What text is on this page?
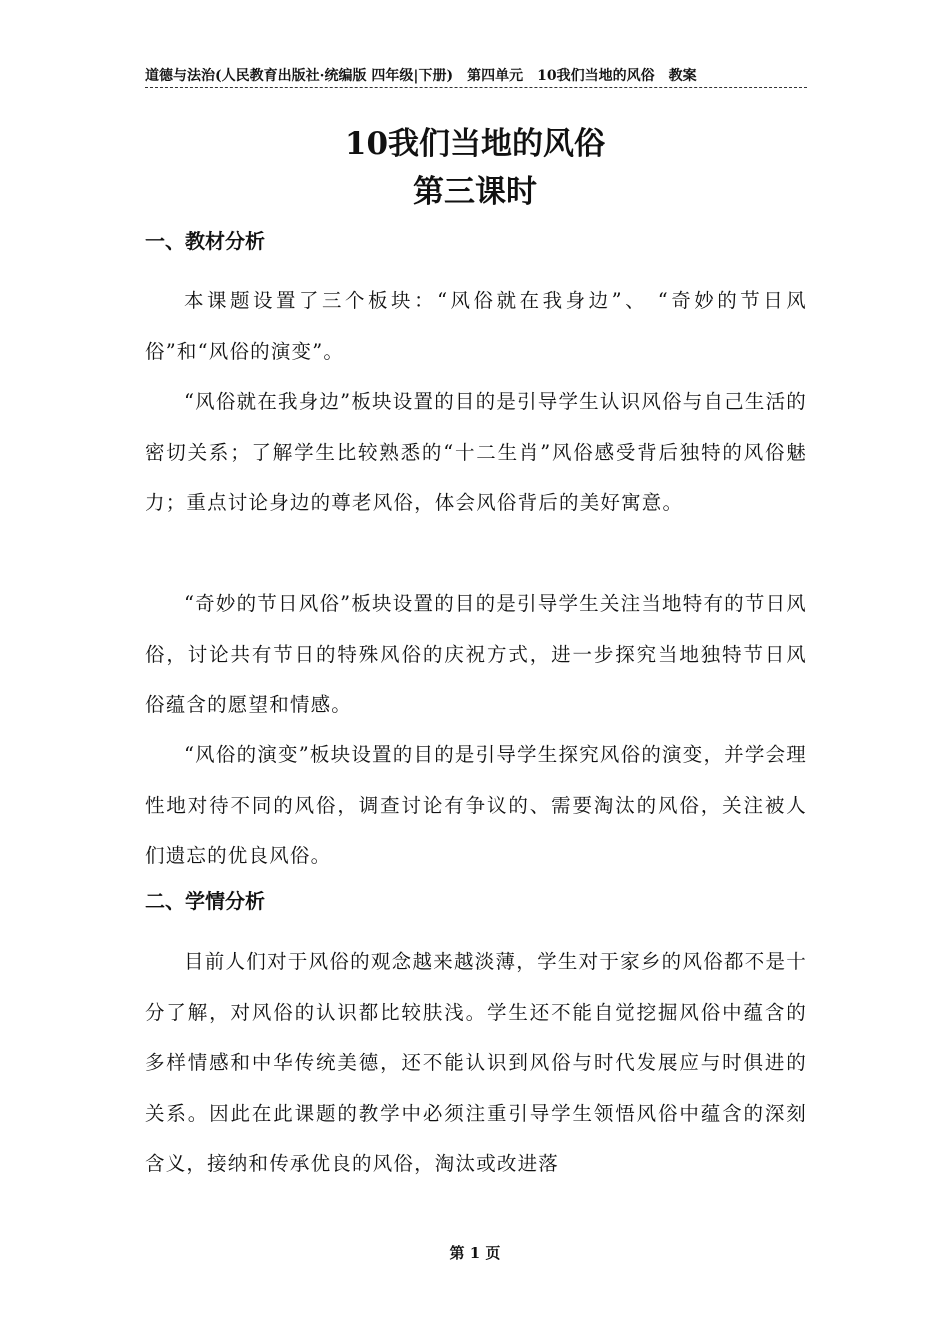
道德与法治(人民教育出版社·统编版 四年级|下册)　第四单元　10我们当地的风俗　教案
10我们当地的风俗
第三课时
一、教材分析

本课题设置了三个板块：“风俗就在我身边”、 “奇妙的节日风俗”和“风俗的演变”。

“风俗就在我身边”板块设置的目的是引导学生认识风俗与自己生活的密切关系；了解学生比较熟悉的“十二生肖”风俗感受背后独特的风俗魅力；重点讨论身边的尊老风俗，体会风俗背后的美好寓意。

“奇妙的节日风俗”板块设置的目的是引导学生关注当地特有的节日风俗，讨论共有节日的特殊风俗的庆祝方式，进一步探究当地独特节日风俗蕴含的愿望和情感。

“风俗的演变”板块设置的目的是引导学生探究风俗的演变，并学会理性地对待不同的风俗，调查讨论有争议的、需要淘汰的风俗，关注被人们遗忘的优良风俗。

二、学情分析

目前人们对于风俗的观念越来越淡薄，学生对于家乡的风俗都不是十分了解，对风俗的认识都比较肤浅。学生还不能自觉挖掘风俗中蕴含的多样情感和中华传统美德，还不能认识到风俗与时代发展应与时俱进的关系。因此在此课题的教学中必须注重引导学生领悟风俗中蕴含的深刻含义，接纳和传承优良的风俗，淘汰或改进落

第 1 页
